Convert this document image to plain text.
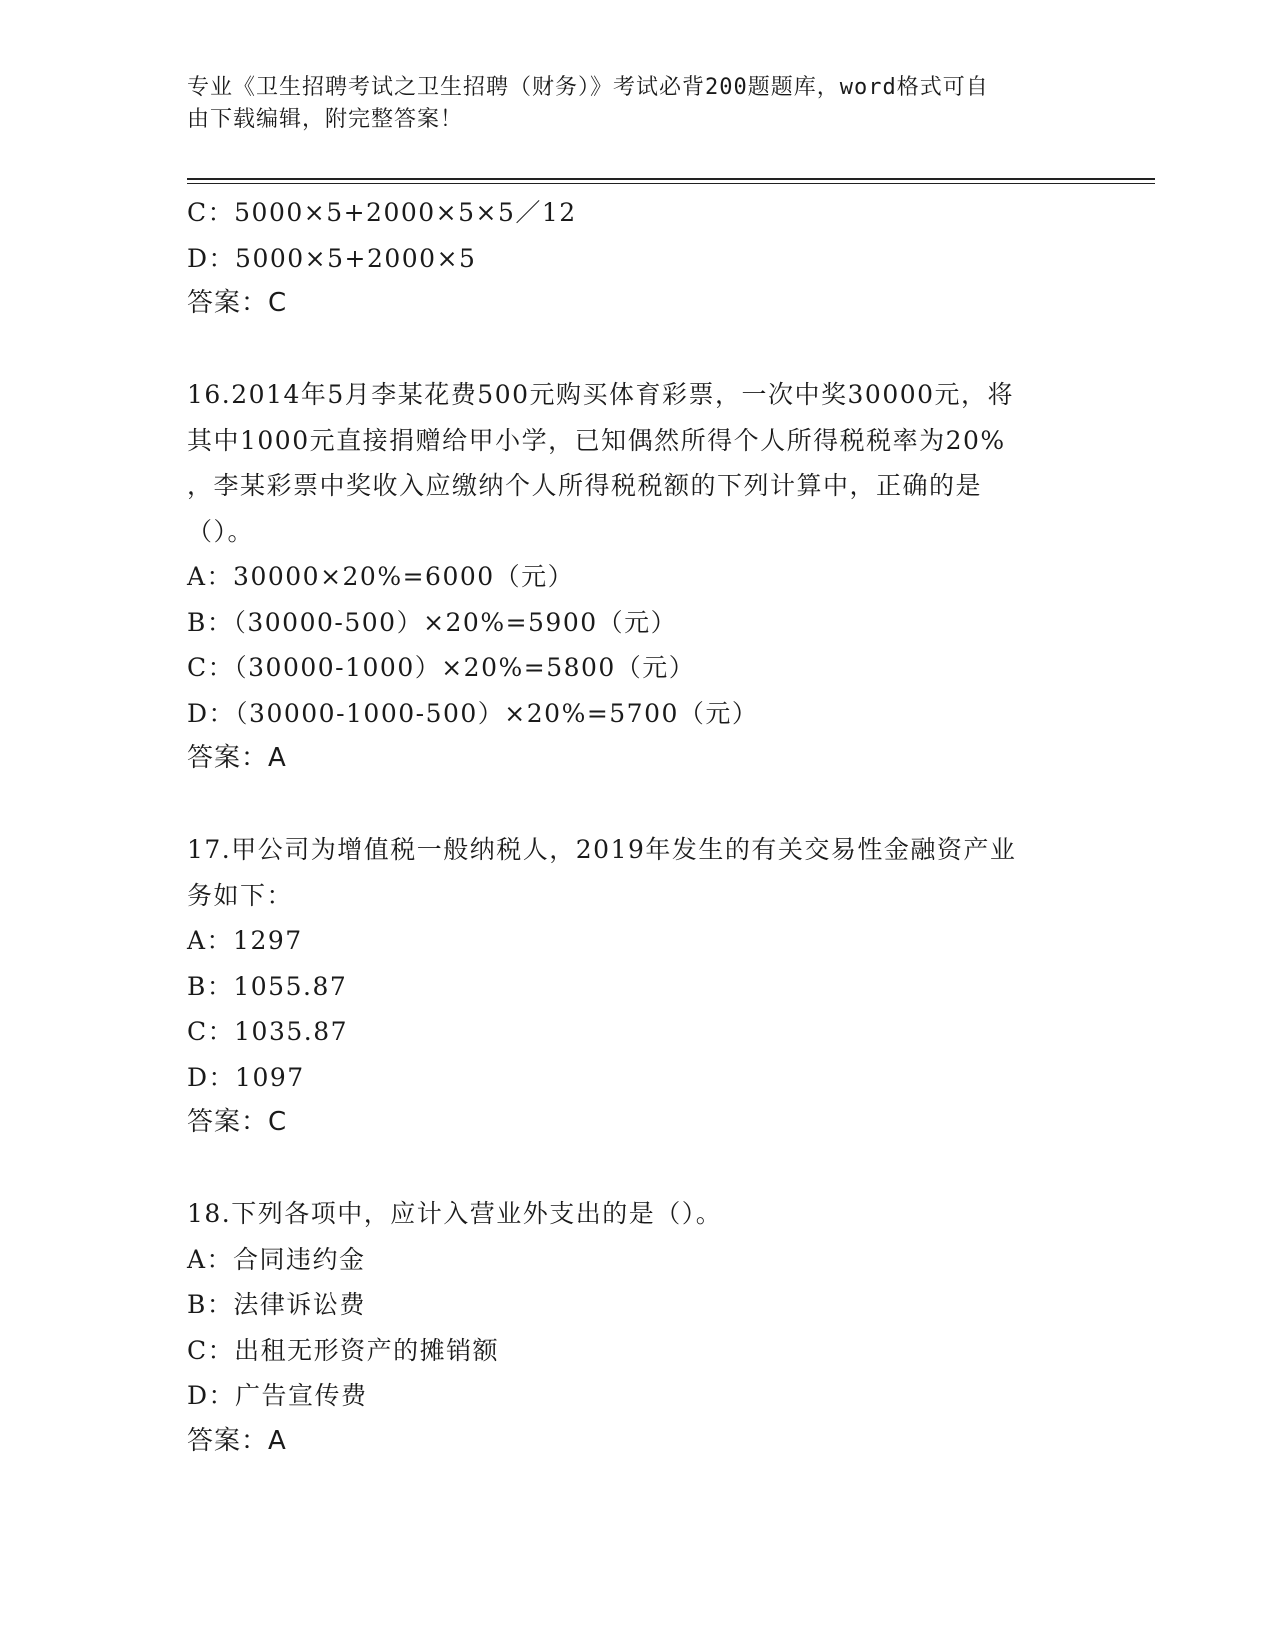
专业《卫生招聘考试之卫生招聘（财务）》考试必背200题题库，word格式可自
由下载编辑，附完整答案！
C：5000×5+2000×5×5／12
D：5000×5+2000×5
答案：C
16.2014年5月李某花费500元购买体育彩票，一次中奖30000元，将
其中1000元直接捐赠给甲小学，已知偶然所得个人所得税税率为20%
，李某彩票中奖收入应缴纳个人所得税税额的下列计算中，正确的是
（）。
A：30000×20%=6000（元）
B：（30000-500）×20%=5900（元）
C：（30000-1000）×20%=5800（元）
D：（30000-1000-500）×20%=5700（元）
答案：A
17.甲公司为增值税一般纳税人，2019年发生的有关交易性金融资产业
务如下：
A：1297
B：1055.87
C：1035.87
D：1097
答案：C
18.下列各项中，应计入营业外支出的是（）。
A：合同违约金
B：法律诉讼费
C：出租无形资产的摊销额
D：广告宣传费
答案：A
